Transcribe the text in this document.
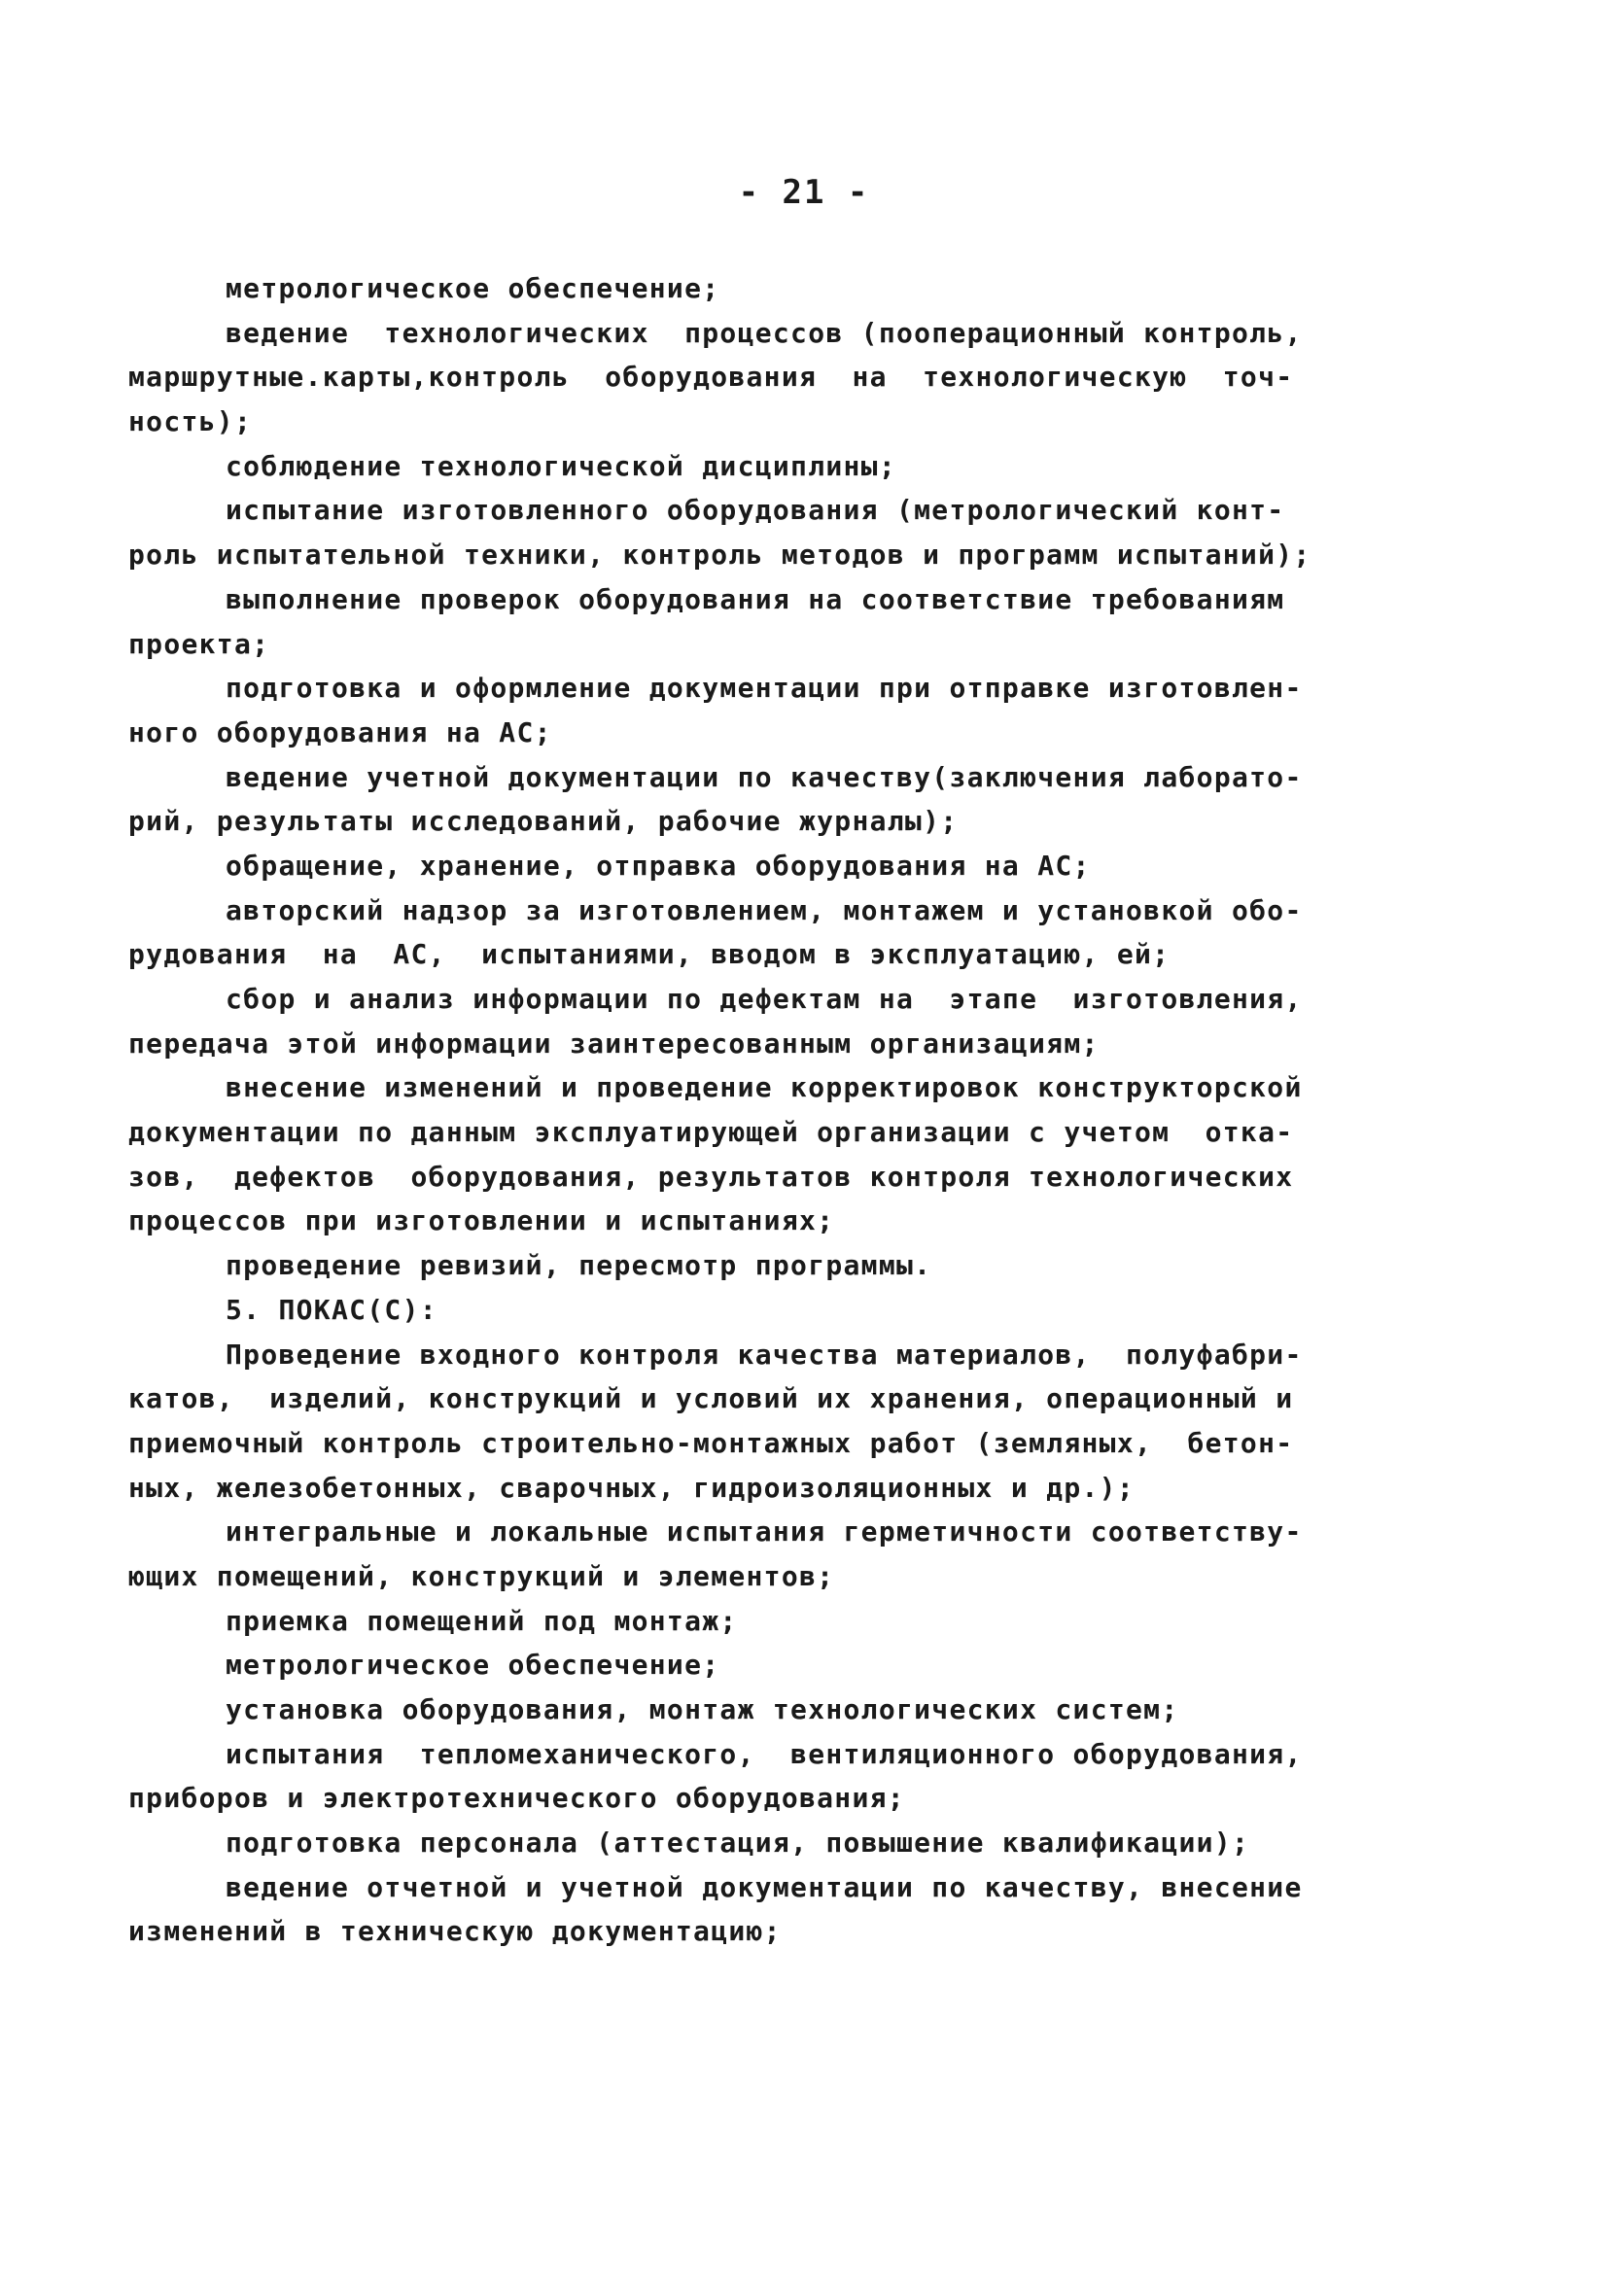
- 21 -
метрологическое обеспечение;
ведение  технологических  процессов (пооперационный контроль,
маршрутные.карты,контроль  оборудования  на  технологическую  точ-
ность);
соблюдение технологической дисциплины;
испытание изготовленного оборудования (метрологический конт-
роль испытательной техники, контроль методов и программ испытаний);
выполнение проверок оборудования на соответствие требованиям
проекта;
подготовка и оформление документации при отправке изготовлен-
ного оборудования на АС;
ведение учетной документации по качеству(заключения лаборато-
рий, результаты исследований, рабочие журналы);
обращение, хранение, отправка оборудования на АС;
авторский надзор за изготовлением, монтажем и установкой обо-
рудования  на  АС,  испытаниями, вводом в эксплуатацию, ей;
сбор и анализ информации по дефектам на  этапе  изготовления,
передача этой информации заинтересованным организациям;
внесение изменений и проведение корректировок конструкторской
документации по данным эксплуатирующей организации с учетом  отка-
зов,  дефектов  оборудования, результатов контроля технологических
процессов при изготовлении и испытаниях;
проведение ревизий, пересмотр программы.
5. ПОКАС(С):
Проведение входного контроля качества материалов,  полуфабри-
катов,  изделий, конструкций и условий их хранения, операционный и
приемочный контроль строительно-монтажных работ (земляных,  бетон-
ных, железобетонных, сварочных, гидроизоляционных и др.);
интегральные и локальные испытания герметичности соответству-
ющих помещений, конструкций и элементов;
приемка помещений под монтаж;
метрологическое обеспечение;
установка оборудования, монтаж технологических систем;
испытания  тепломеханического,  вентиляционного оборудования,
приборов и электротехнического оборудования;
подготовка персонала (аттестация, повышение квалификации);
ведение отчетной и учетной документации по качеству, внесение
изменений в техническую документацию;
